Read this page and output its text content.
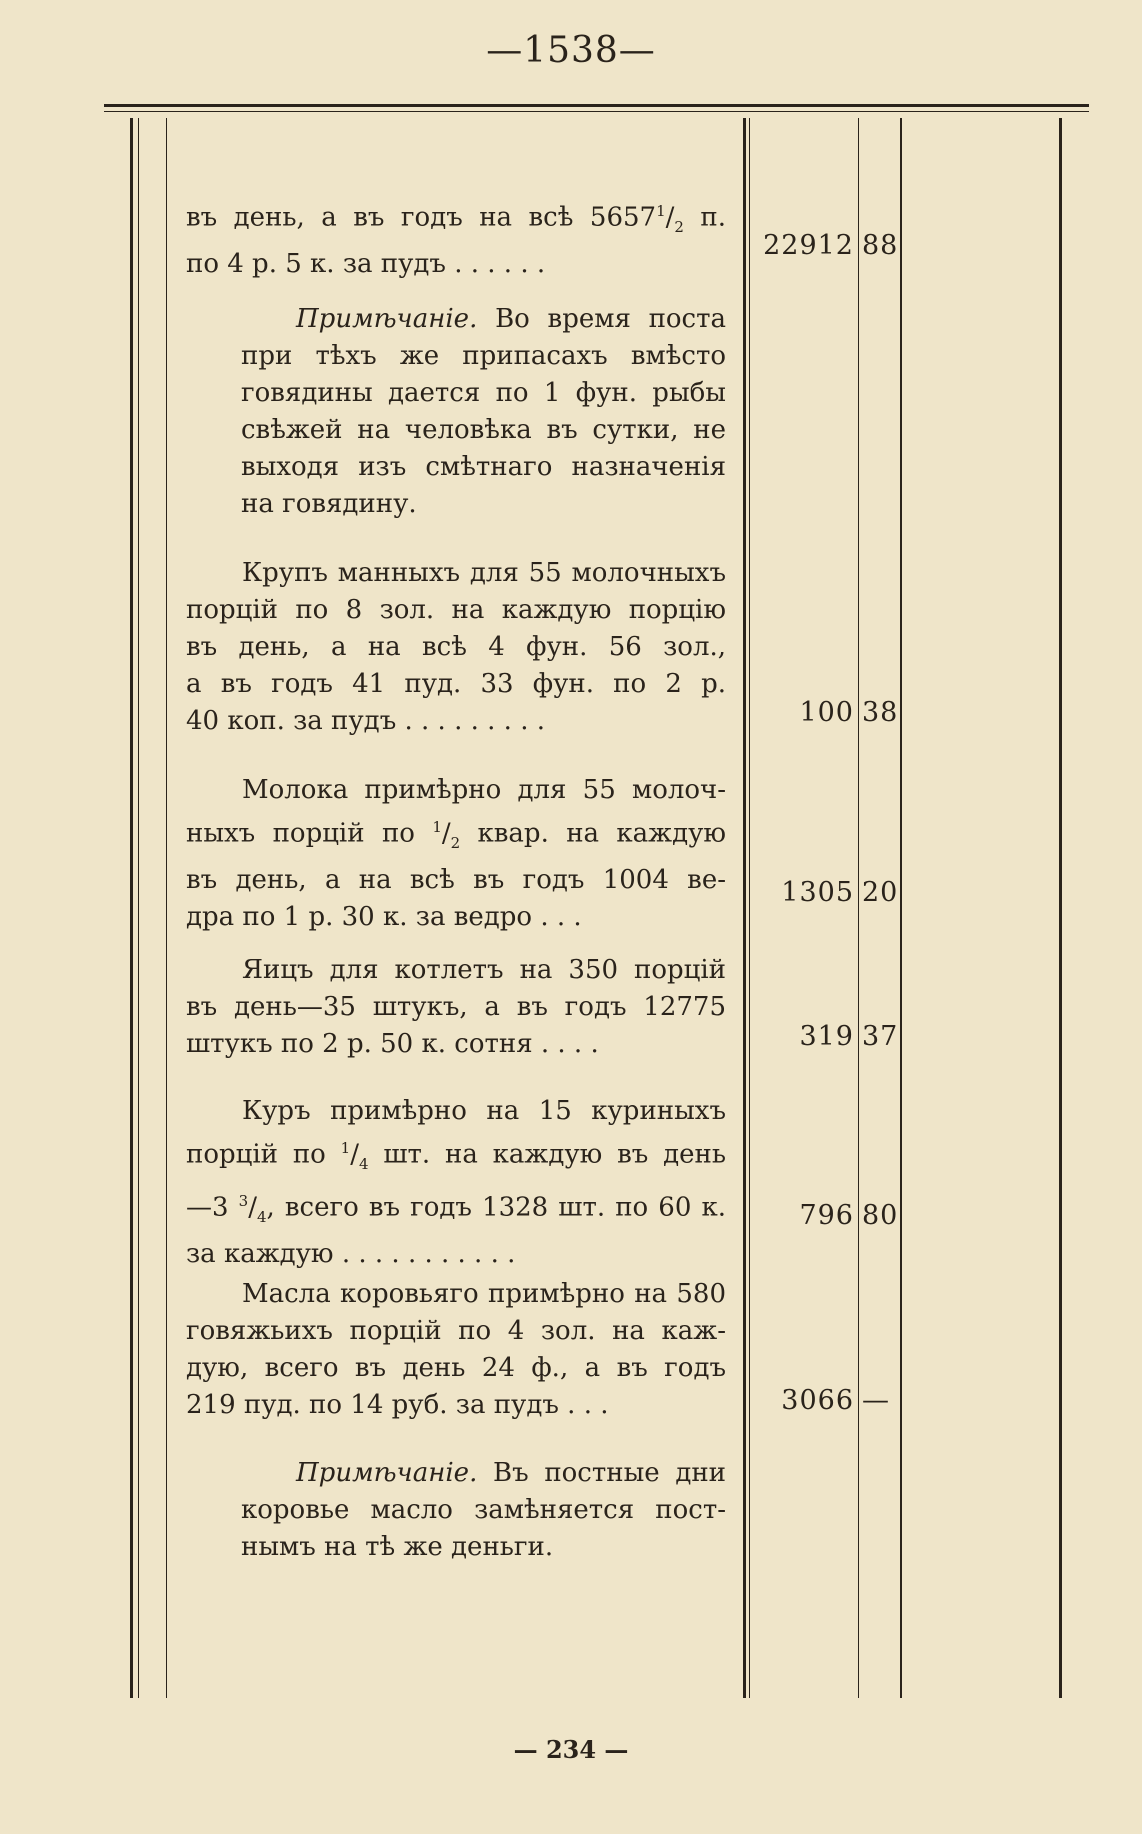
—1538—
въ день, а въ годъ на всѣ $5657^1/_2$ п.
по 4 р. 5 к. за пудъ . . . . . .
22912 88
Примѣчаніе. Во время поста
при тѣхъ же припасахъ вмѣсто
говядины дается по 1 фун. рыбы
свѣжей на человѣка въ сутки, не
выходя изъ смѣтнаго назначенія
на говядину.
Крупъ манныхъ для 55 молочныхъ
порцій по 8 зол. на каждую порцію
въ день, а на всѣ 4 фун. 56 зол.,
а въ годъ 41 пуд. 33 фун. по 2 р.
40 коп. за пудъ . . . . . . . . .	100 38
Молока примѣрно для 55 молоч-
ныхъ порцій по $^1/_2$ квар. на каждую
въ день, а на всѣ въ годъ 1004 ве-
дра по 1 р. 30 к. за ведро . . .
1305 20
Яицъ для котлетъ на 350 порцій
въ день—35 штукъ, а въ годъ 12775
штукъ по 2 р. 50 к. сотня . . . .	319 37
Куръ примѣрно на 15 куриныхъ
порцій по $^1/_4$ шт. на каждую въ день
—3 $^3/_4$, всего въ годъ 1328 шт. по 60 к.
за каждую . . . . . . . . . . .
796 80
Масла коровьяго примѣрно на 580
говяжьихъ порцій по 4 зол. на каж-
дую, всего въ день 24 ф., а въ годъ
219 пуд. по 14 руб. за пудъ . . .	3066 —
Примѣчаніе. Въ постные дни
коровье масло замѣняется пост-
нымъ на тѣ же деньги.
— 234 —
